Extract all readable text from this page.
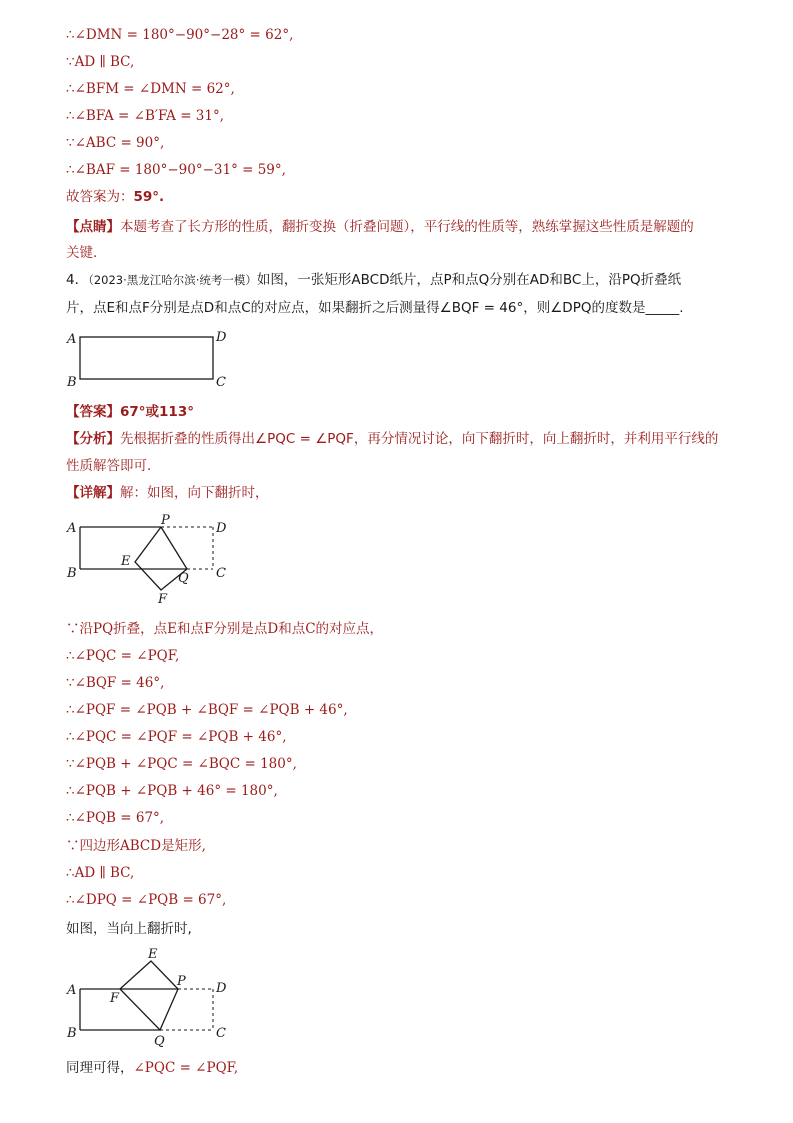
∴∠DMN = 180°−90°−28° = 62°,
∵AD ∥ BC,
∴∠BFM = ∠DMN = 62°,
∴∠BFA = ∠B′FA = 31°,
∵∠ABC = 90°,
∴∠BAF = 180°−90°−31° = 59°,
故答案为：59°.
【点睛】本题考查了长方形的性质，翻折变换（折叠问题），平行线的性质等，熟练掌握这些性质是解题的
关键.
4．（2023·黑龙江哈尔滨·统考一模）如图，一张矩形ABCD纸片，点P和点Q分别在AD和BC上，沿PQ折叠纸
片，点E和点F分别是点D和点C的对应点，如果翻折之后测量得∠BQF = 46°，则∠DPQ的度数是_____.
A	D
B	C
【答案】67°或113°
【分析】先根据折叠的性质得出∠PQC = ∠PQF，再分情况讨论，向下翻折时，向上翻折时，并利用平行线的
性质解答即可.
【详解】解：如图，向下翻折时，
A
P
D
B
E
Q C
F
∵沿PQ折叠，点E和点F分别是点D和点C的对应点，
∴∠PQC = ∠PQF,
∵∠BQF = 46°,
∴∠PQF = ∠PQB + ∠BQF = ∠PQB + 46°,
∴∠PQC = ∠PQF = ∠PQB + 46°,
∵∠PQB + ∠PQC = ∠BQC = 180°,
∴∠PQB + ∠PQB + 46° = 180°,
∴∠PQB = 67°,
∵四边形ABCD是矩形,
∴AD ∥ BC,
∴∠DPQ = ∠PQB = 67°,
如图，当向上翻折时,
E
P
A
F
D
B	C
Q
同理可得，∠PQC = ∠PQF,
